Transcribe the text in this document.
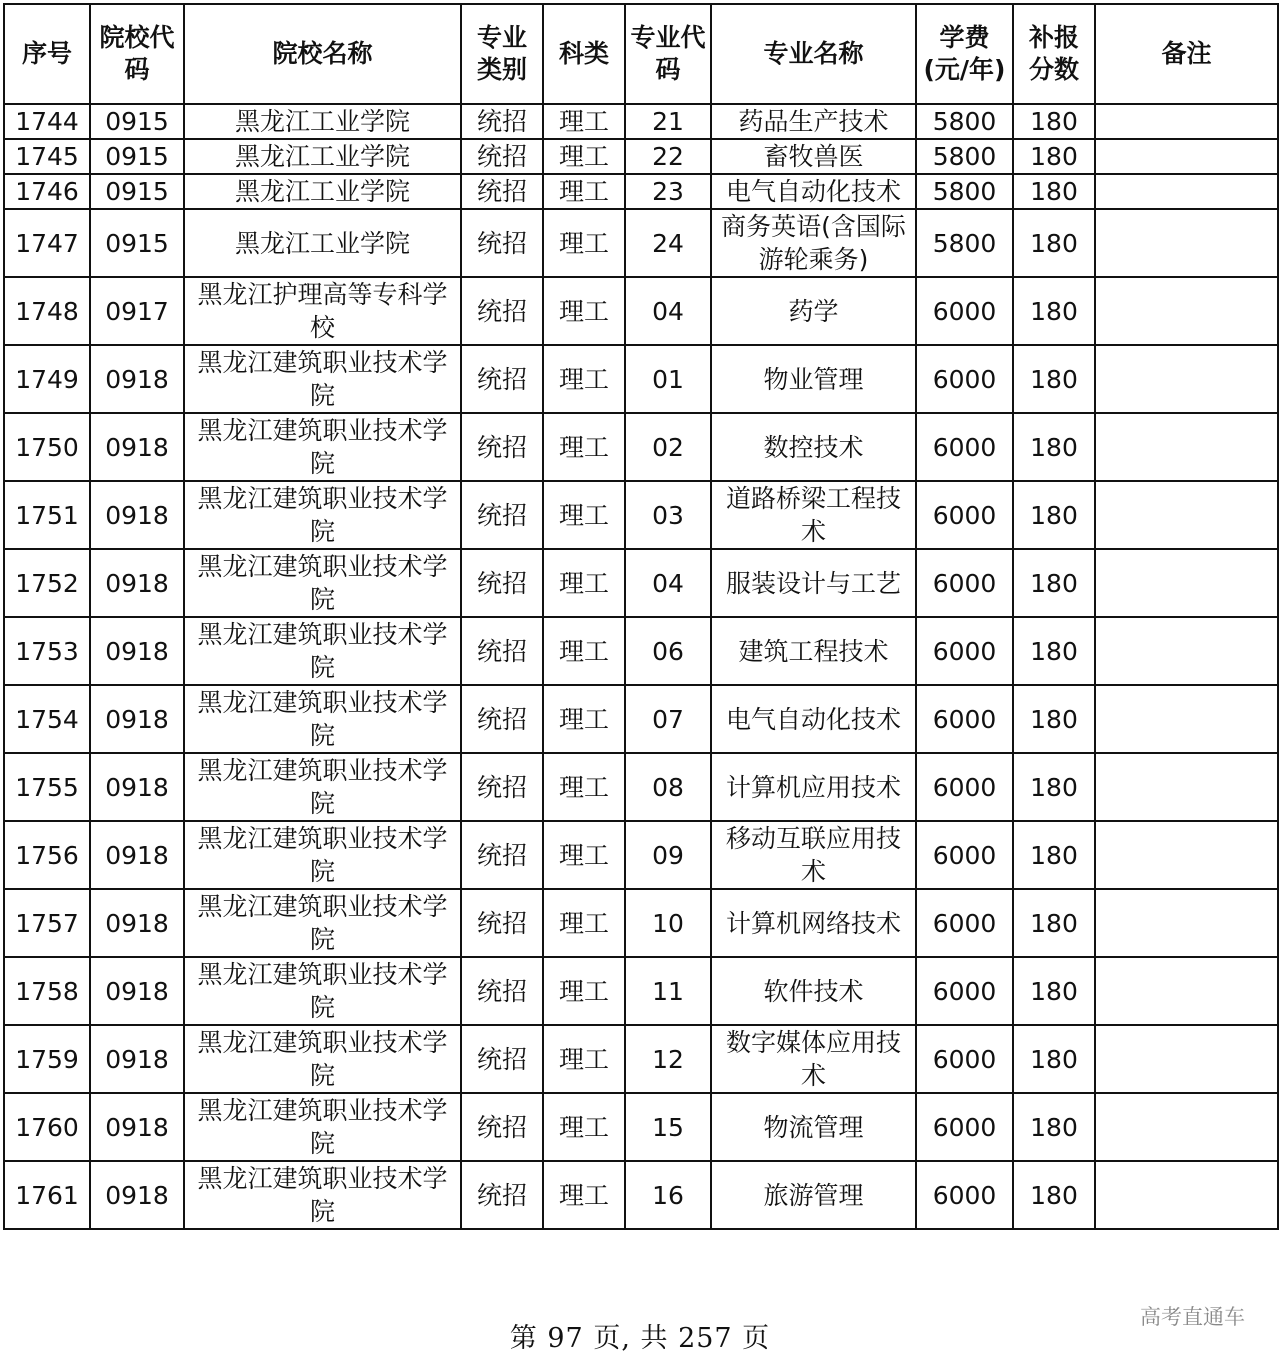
序号	院校代码	院校名称	专业类别	科类	专业代码	专业名称	学费(元/年)	补报分数	备注

1744	0915	黑龙江工业学院	统招	理工	21	药品生产技术	5800	180	

1745	0915	黑龙江工业学院	统招	理工	22	畜牧兽医	5800	180	

1746	0915	黑龙江工业学院	统招	理工	23	电气自动化技术	5800	180	

1747	0915	黑龙江工业学院	统招	理工	24	商务英语(含国际游轮乘务)	5800	180	

1748	0917	黑龙江护理高等专科学校	统招	理工	04	药学	6000	180	

1749	0918	黑龙江建筑职业技术学院	统招	理工	01	物业管理	6000	180	

1750	0918	黑龙江建筑职业技术学院	统招	理工	02	数控技术	6000	180	

1751	0918	黑龙江建筑职业技术学院	统招	理工	03	道路桥梁工程技术	6000	180	

1752	0918	黑龙江建筑职业技术学院	统招	理工	04	服装设计与工艺	6000	180	

1753	0918	黑龙江建筑职业技术学院	统招	理工	06	建筑工程技术	6000	180	

1754	0918	黑龙江建筑职业技术学院	统招	理工	07	电气自动化技术	6000	180	

1755	0918	黑龙江建筑职业技术学院	统招	理工	08	计算机应用技术	6000	180	

1756	0918	黑龙江建筑职业技术学院	统招	理工	09	移动互联应用技术	6000	180	

1757	0918	黑龙江建筑职业技术学院	统招	理工	10	计算机网络技术	6000	180	

1758	0918	黑龙江建筑职业技术学院	统招	理工	11	软件技术	6000	180	

1759	0918	黑龙江建筑职业技术学院	统招	理工	12	数字媒体应用技术	6000	180	

1760	0918	黑龙江建筑职业技术学院	统招	理工	15	物流管理	6000	180	

1761	0918	黑龙江建筑职业技术学院	统招	理工	16	旅游管理	6000	180	

第 97 页, 共 257 页
高考直通车
